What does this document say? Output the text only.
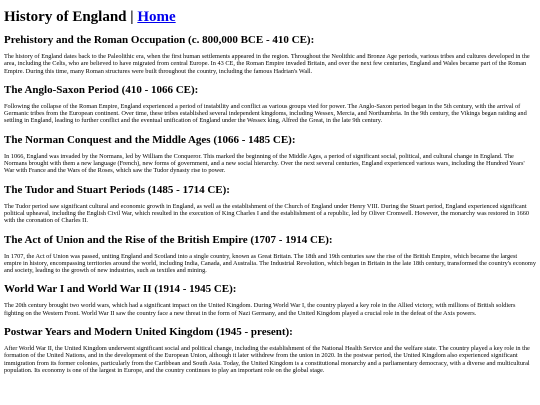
History of England | Home
Prehistory and the Roman Occupation (c. 800,000 BCE - 410 CE):

The history of England dates back to the Paleolithic era, when the first human settlements appeared in the region. Throughout the Neolithic and Bronze Age periods, various tribes and cultures developed in the area, including the Celts, who are believed to have migrated from central Europe. In 43 CE, the Roman Empire invaded Britain, and over the next few centuries, England and Wales became part of the Roman Empire. During this time, many Roman structures were built throughout the country, including the famous Hadrian's Wall.

The Anglo-Saxon Period (410 - 1066 CE):

Following the collapse of the Roman Empire, England experienced a period of instability and conflict as various groups vied for power. The Anglo-Saxon period began in the 5th century, with the arrival of Germanic tribes from the European continent. Over time, these tribes established several independent kingdoms, including Wessex, Mercia, and Northumbria. In the 9th century, the Vikings began raiding and settling in England, leading to further conflict and the eventual unification of England under the Wessex king, Alfred the Great, in the late 9th century.

The Norman Conquest and the Middle Ages (1066 - 1485 CE):

In 1066, England was invaded by the Normans, led by William the Conqueror. This marked the beginning of the Middle Ages, a period of significant social, political, and cultural change in England. The Normans brought with them a new language (French), new forms of government, and a new social hierarchy. Over the next several centuries, England experienced various wars, including the Hundred Years' War with France and the Wars of the Roses, which saw the Tudor dynasty rise to power.

The Tudor and Stuart Periods (1485 - 1714 CE):

The Tudor period saw significant cultural and economic growth in England, as well as the establishment of the Church of England under Henry VIII. During the Stuart period, England experienced significant political upheaval, including the English Civil War, which resulted in the execution of King Charles I and the establishment of a republic, led by Oliver Cromwell. However, the monarchy was restored in 1660 with the coronation of Charles II.

The Act of Union and the Rise of the British Empire (1707 - 1914 CE):

In 1707, the Act of Union was passed, uniting England and Scotland into a single country, known as Great Britain. The 18th and 19th centuries saw the rise of the British Empire, which became the largest empire in history, encompassing territories around the world, including India, Canada, and Australia. The Industrial Revolution, which began in Britain in the late 18th century, transformed the country's economy and society, leading to the growth of new industries, such as textiles and mining.

World War I and World War II (1914 - 1945 CE):

The 20th century brought two world wars, which had a significant impact on the United Kingdom. During World War I, the country played a key role in the Allied victory, with millions of British soldiers fighting on the Western Front. World War II saw the country face a new threat in the form of Nazi Germany, and the United Kingdom played a crucial role in the defeat of the Axis powers.

Postwar Years and Modern United Kingdom (1945 - present):

After World War II, the United Kingdom underwent significant social and political change, including the establishment of the National Health Service and the welfare state. The country played a key role in the formation of the United Nations, and in the development of the European Union, although it later withdrew from the union in 2020. In the postwar period, the United Kingdom also experienced significant immigration from its former colonies, particularly from the Caribbean and South Asia. Today, the United Kingdom is a constitutional monarchy and a parliamentary democracy, with a diverse and multicultural population. Its economy is one of the largest in Europe, and the country continues to play an important role on the global stage.
